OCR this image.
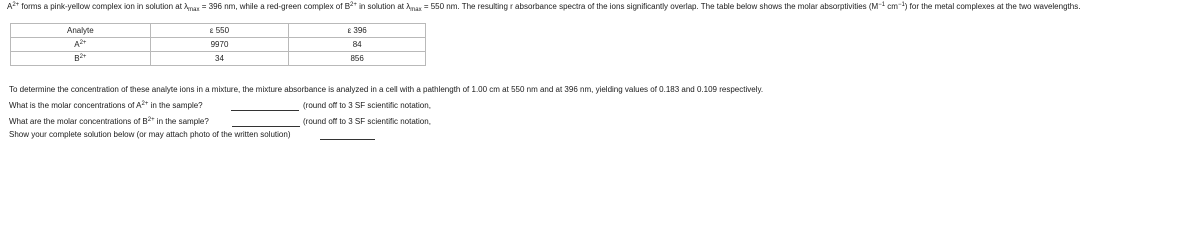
$A^{2+}$ forms a pink-yellow complex ion in solution at $\lambda_{max} = 396$ nm, while a red-green complex of $B^{2+}$ in solution at $\lambda_{max} = 550$ nm. The resulting r absorbance spectra of the ions significantly overlap. The table below shows the molar absorptivities ($M^{-1}$ $cm^{-1}$) for the metal complexes at the two wavelengths.
Analyte	ε 550	ε 396
$A^{2+}$	9970	84
$B^{2+}$	34	856
To determine the concentration of these analyte ions in a mixture, the mixture absorbance is analyzed in a cell with a pathlength of 1.00 cm at 550 nm and at 396 nm, yielding values of 0.183 and 0.109 respectively.
What is the molar concentrations of $A^{2+}$ in the sample?	(round off to 3 SF scientific notation,
What are the molar concentrations of $B^{2+}$ in the sample?	(round off to 3 SF scientific notation,
Show your complete solution below (or may attach photo of the written solution)
